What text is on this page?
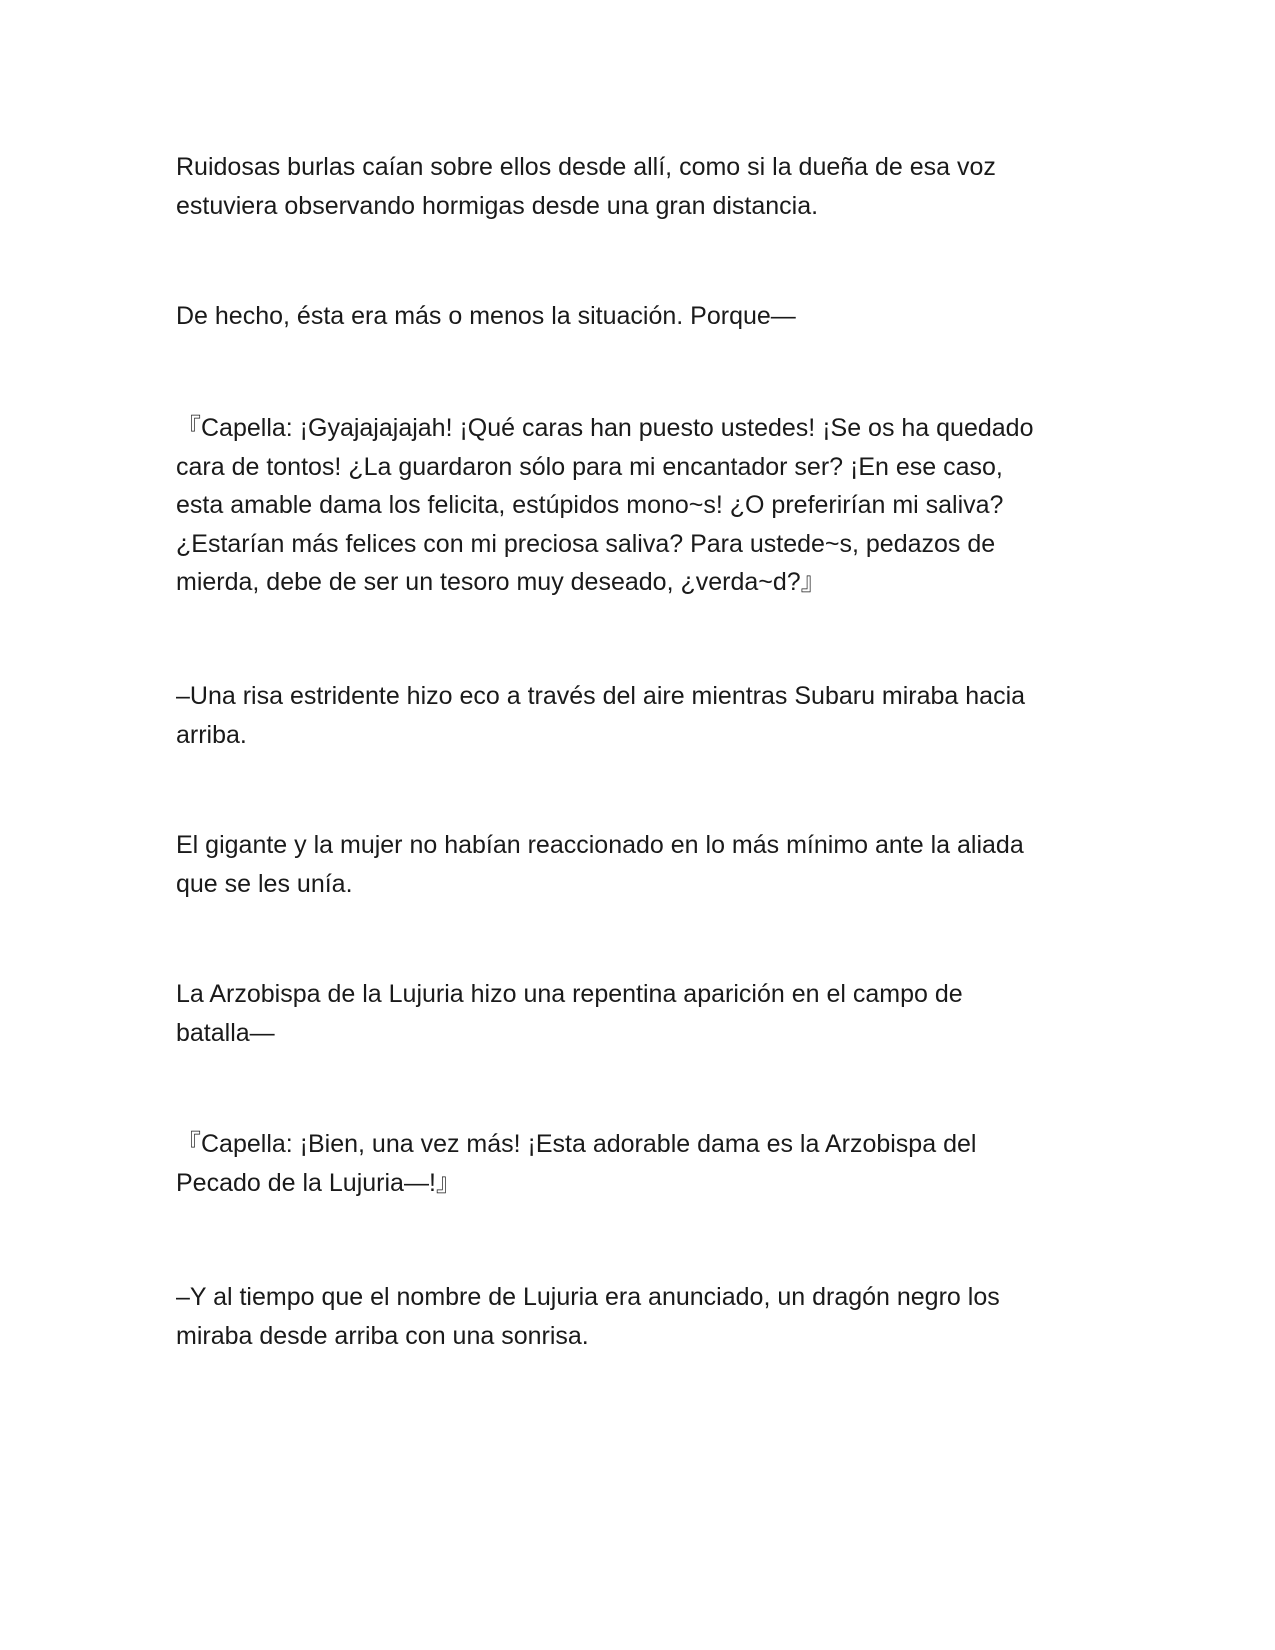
Ruidosas burlas caían sobre ellos desde allí, como si la dueña de esa voz
estuviera observando hormigas desde una gran distancia.

De hecho, ésta era más o menos la situación. Porque—

『Capella: ¡Gyajajajajah! ¡Qué caras han puesto ustedes! ¡Se os ha quedado
cara de tontos! ¿La guardaron sólo para mi encantador ser? ¡En ese caso,
esta amable dama los felicita, estúpidos mono~s! ¿O preferirían mi saliva?
¿Estarían más felices con mi preciosa saliva? Para ustede~s, pedazos de
mierda, debe de ser un tesoro muy deseado, ¿verda~d?』

–Una risa estridente hizo eco a través del aire mientras Subaru miraba hacia
arriba.

El gigante y la mujer no habían reaccionado en lo más mínimo ante la aliada
que se les unía.

La Arzobispa de la Lujuria hizo una repentina aparición en el campo de
batalla—

『Capella: ¡Bien, una vez más! ¡Esta adorable dama es la Arzobispa del
Pecado de la Lujuria—!』

–Y al tiempo que el nombre de Lujuria era anunciado, un dragón negro los
miraba desde arriba con una sonrisa.
